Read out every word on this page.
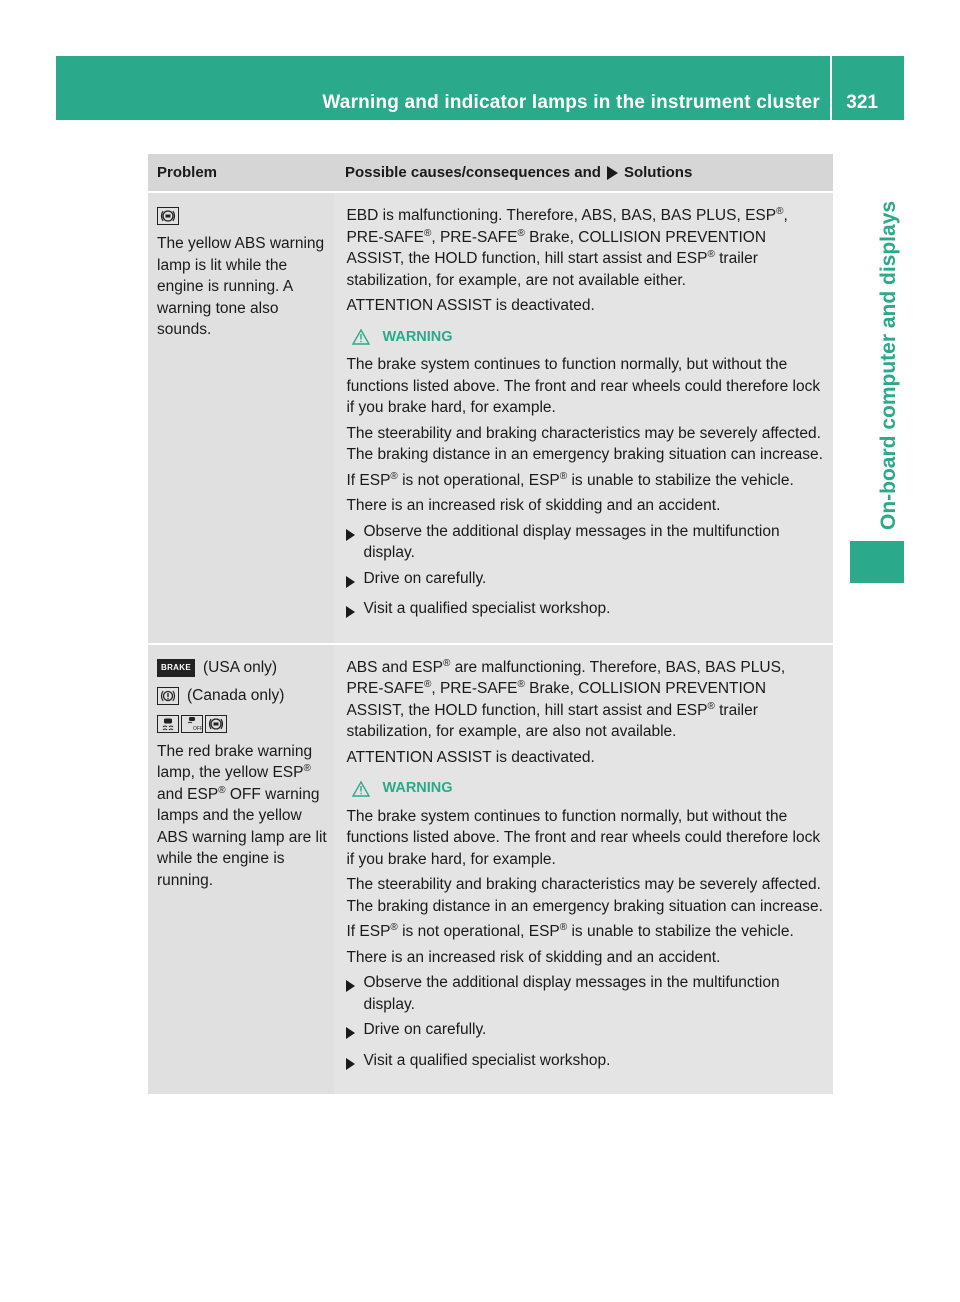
Warning and indicator lamps in the instrument cluster 321
On-board computer and displays
Problem	Possible causes/consequences and Solutions

The yellow ABS warning lamp is lit while the engine is running. A warning tone also sounds.

EBD is malfunctioning. Therefore, ABS, BAS, BAS PLUS, ESP®, PRE-SAFE®, PRE-SAFE® Brake, COLLISION PREVENTION ASSIST, the HOLD function, hill start assist and ESP® trailer stabilization, for example, are not available either.

ATTENTION ASSIST is deactivated.

WARNING

The brake system continues to function normally, but without the functions listed above. The front and rear wheels could therefore lock if you brake hard, for example.

The steerability and braking characteristics may be severely affected. The braking distance in an emergency braking situation can increase.

If ESP® is not operational, ESP® is unable to stabilize the vehicle.

There is an increased risk of skidding and an accident.

Observe the additional display messages in the multifunction display.
Drive on carefully.
Visit a qualified specialist workshop.
BRAKE (USA only)
(Canada only)
OFF

The red brake warning lamp, the yellow ESP® and ESP® OFF warning lamps and the yellow ABS warning lamp are lit while the engine is running.

ABS and ESP® are malfunctioning. Therefore, BAS, BAS PLUS, PRE-SAFE®, PRE-SAFE® Brake, COLLISION PREVENTION ASSIST, the HOLD function, hill start assist and ESP® trailer stabilization, for example, are also not available.

ATTENTION ASSIST is deactivated.

WARNING

The brake system continues to function normally, but without the functions listed above. The front and rear wheels could therefore lock if you brake hard, for example.

The steerability and braking characteristics may be severely affected. The braking distance in an emergency braking situation can increase.

If ESP® is not operational, ESP® is unable to stabilize the vehicle.

There is an increased risk of skidding and an accident.

Observe the additional display messages in the multifunction display.
Drive on carefully.
Visit a qualified specialist workshop.
